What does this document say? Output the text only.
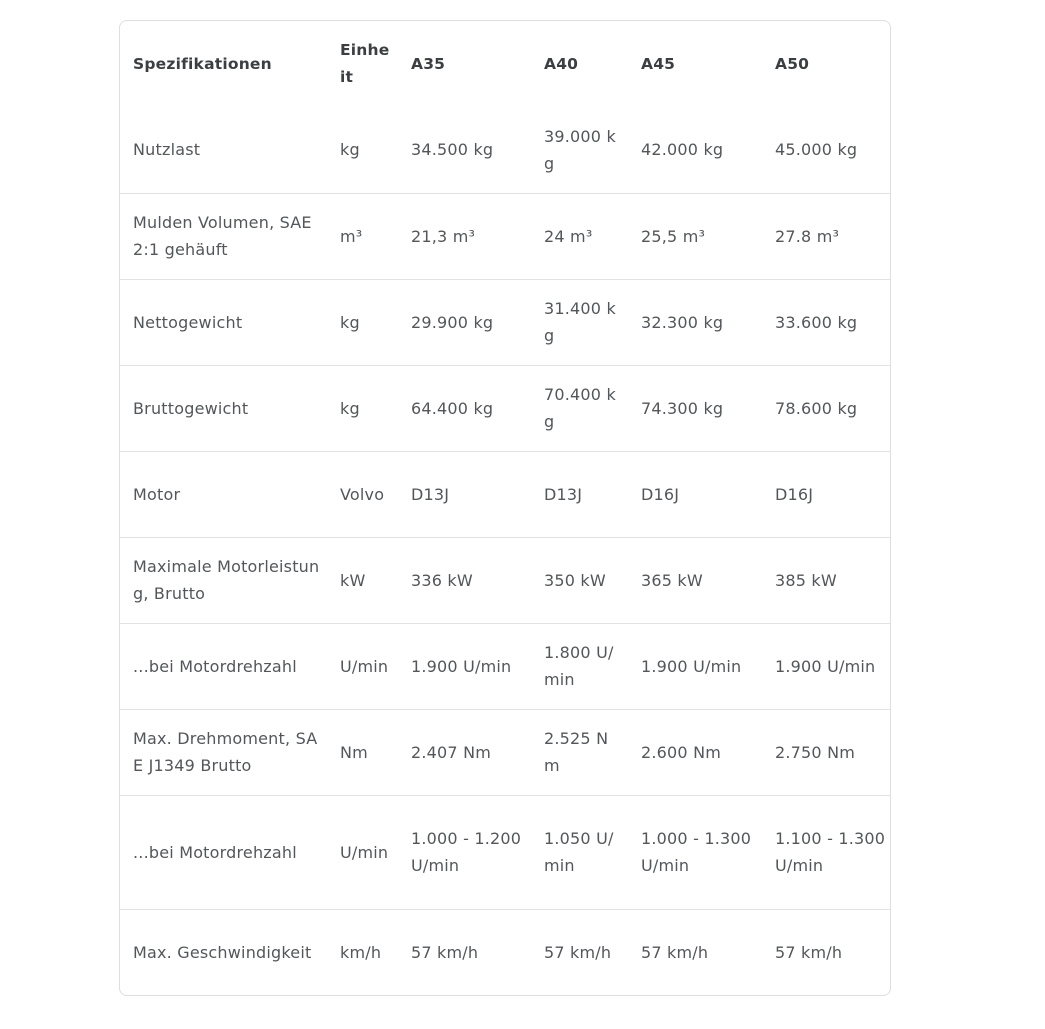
Spezifikationen	Einheit	A35	A40	A45	A50
Nutzlast	kg	34.500 kg	39.000 kg	42.000 kg	45.000 kg
Mulden Volumen, SAE 2:1 gehäuft	m³	21,3 m³	24 m³	25,5 m³	27.8 m³
Nettogewicht	kg	29.900 kg	31.400 kg	32.300 kg	33.600 kg
Bruttogewicht	kg	64.400 kg	70.400 kg	74.300 kg	78.600 kg
Motor	Volvo	D13J	D13J	D16J	D16J
Maximale Motorleistung, Brutto	kW	336 kW	350 kW	365 kW	385 kW
...bei Motordrehzahl	U/min	1.900 U/min	1.800 U/min	1.900 U/min	1.900 U/min
Max. Drehmoment, SAE J1349 Brutto	Nm	2.407 Nm	2.525 Nm	2.600 Nm	2.750 Nm
...bei Motordrehzahl	U/min	1.000 - 1.200 U/min	1.050 U/min	1.000 - 1.300 U/min	1.100 - 1.300 U/min
Max. Geschwindigkeit	km/h	57 km/h	57 km/h	57 km/h	57 km/h
